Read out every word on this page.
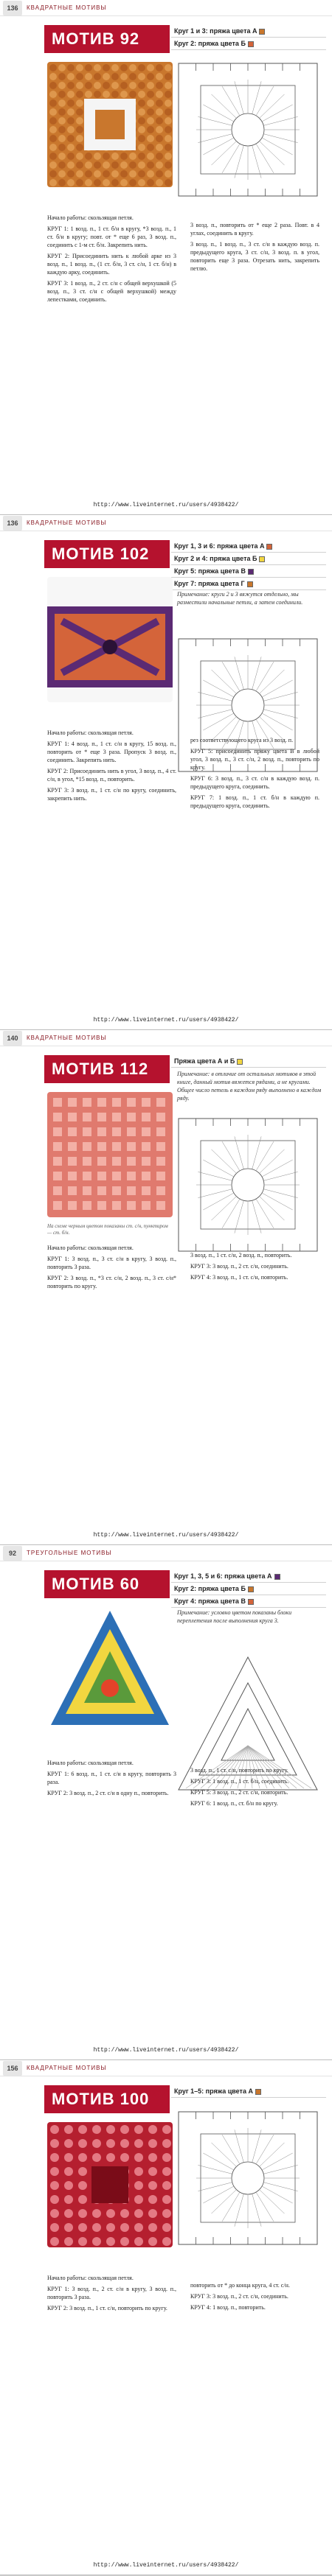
136	КВАДРАТНЫЕ МОТИВЫ
МОТИВ 92	Круг 1 и 3: пряжа цвета А
Круг 2: пряжа цвета Б

Начало работы: скользящая петля.

КРУГ 1: 1 возд. п., 1 ст. б/н в кругу, *3 возд. п., 1 ст. б/н в кругу; повт. от * еще 6 раз, 3 возд. п., соединить с 1-м ст. б/н. Закрепить нить.

КРУГ 2: Присоединить нить к любой арке из 3 возд. п., 1 возд. п., (1 ст. б/н, 3 ст. с/н, 1 ст. б/н) в каждую арку, соединить.

КРУГ 3: 1 возд. п., 2 ст. с/н с общей верхушкой (5 возд. п., 3 ст. с/н с общей верхушкой) между лепестками, соединить.

3 возд. п., повторить от * еще 2 раза. Повт. в 4 углах, соединить в кругу.

3 возд. п., 1 возд. п., 3 ст. с/н в каждую возд. п. предыдущего круга, 3 ст. с/н, 3 возд. п. в угол, повторить еще 3 раза. Отрезать нить, закрепить петлю.

http://www.liveinternet.ru/users/4938422/
136	КВАДРАТНЫЕ МОТИВЫ
МОТИВ 102	Круг 1, 3 и 6: пряжа цвета А
Круг 2 и 4: пряжа цвета Б
Круг 5: пряжа цвета В
Круг 7: пряжа цвета Г
Примечание: круги 2 и 3 вяжутся отдельно, мы разместили начальные петли, а затем соединили.

Начало работы: скользящая петля.

КРУГ 1: 4 возд. п., 1 ст. с/н в кругу, 15 возд. п., повторить от * еще 3 раза. Пропуск 3 возд. п., соединить. Закрепить нить.

КРУГ 2: Присоединить нить в угол, 3 возд. п., 4 ст. с/н, в угол, *15 возд. п., повторить.

КРУГ 3: 3 возд. п., 1 ст. с/н по кругу, соединить, закрепить нить.

рез соответствующего круга из 3 возд. п.

КРУГ 5: присоединить пряжу цвета В в любой угол, 3 возд. п., 3 ст. с/н, 2 возд. п., повторить по кругу.

КРУГ 6: 3 возд. п., 3 ст. с/н в каждую возд. п. предыдущего круга, соединить.

КРУГ 7: 1 возд. п., 1 ст. б/н в каждую п. предыдущего круга, соединить.

http://www.liveinternet.ru/users/4938422/
140	КВАДРАТНЫЕ МОТИВЫ
МОТИВ 112	Пряжа цвета А и Б
Примечание: в отличие от остальных мотивов в этой книге, данный мотив вяжется рядами, а не кругами. Общее число петель в каждом ряду выполнено в каждом ряду.
На схеме черным цветом показаны ст. с/н, пунктиром — ст. б/н.

Начало работы: скользящая петля.

КРУГ 1: 3 возд. п., 3 ст. с/н в кругу, 3 возд. п., повторить 3 раза.

КРУГ 2: 3 возд. п., *3 ст. с/н, 2 возд. п., 3 ст. с/н* повторить по кругу.

3 возд. п., 1 ст. с/н, 2 возд. п., повторить.

КРУГ 3: 3 возд. п., 2 ст. с/н, соединить.

КРУГ 4: 3 возд. п., 1 ст. с/н, повторить.

http://www.liveinternet.ru/users/4938422/
92	ТРЕУГОЛЬНЫЕ МОТИВЫ
МОТИВ 60	Круг 1, 3, 5 и 6: пряжа цвета А
Круг 2: пряжа цвета Б
Круг 4: пряжа цвета В
Примечание: условно цветом показаны блоки переплетения после выполнения круга 3.

Начало работы: скользящая петля.

КРУГ 1: 6 возд. п., 1 ст. с/н в кругу, повторить 3 раза.

КРУГ 2: 3 возд. п., 2 ст. с/н в одну п., повторить.

3 возд. п., 1 ст. с/н, повторить по кругу.

КРУГ 3: 1 возд. п., 1 ст. б/н, соединить.

КРУГ 5: 3 возд. п., 2 ст. с/н, повторить.

КРУГ 6: 1 возд. п., ст. б/н по кругу.

http://www.liveinternet.ru/users/4938422/
156	КВАДРАТНЫЕ МОТИВЫ
МОТИВ 100	Круг 1–5: пряжа цвета А

Начало работы: скользящая петля.

КРУГ 1: 3 возд. п., 2 ст. с/н в кругу, 3 возд. п., повторить 3 раза.

КРУГ 2: 3 возд. п., 1 ст. с/н, повторить по кругу.

повторить от * до конца круга, 4 ст. с/н.

КРУГ 3: 3 возд. п., 2 ст. с/н, соединить.

КРУГ 4: 1 возд. п., повторить.

http://www.liveinternet.ru/users/4938422/
